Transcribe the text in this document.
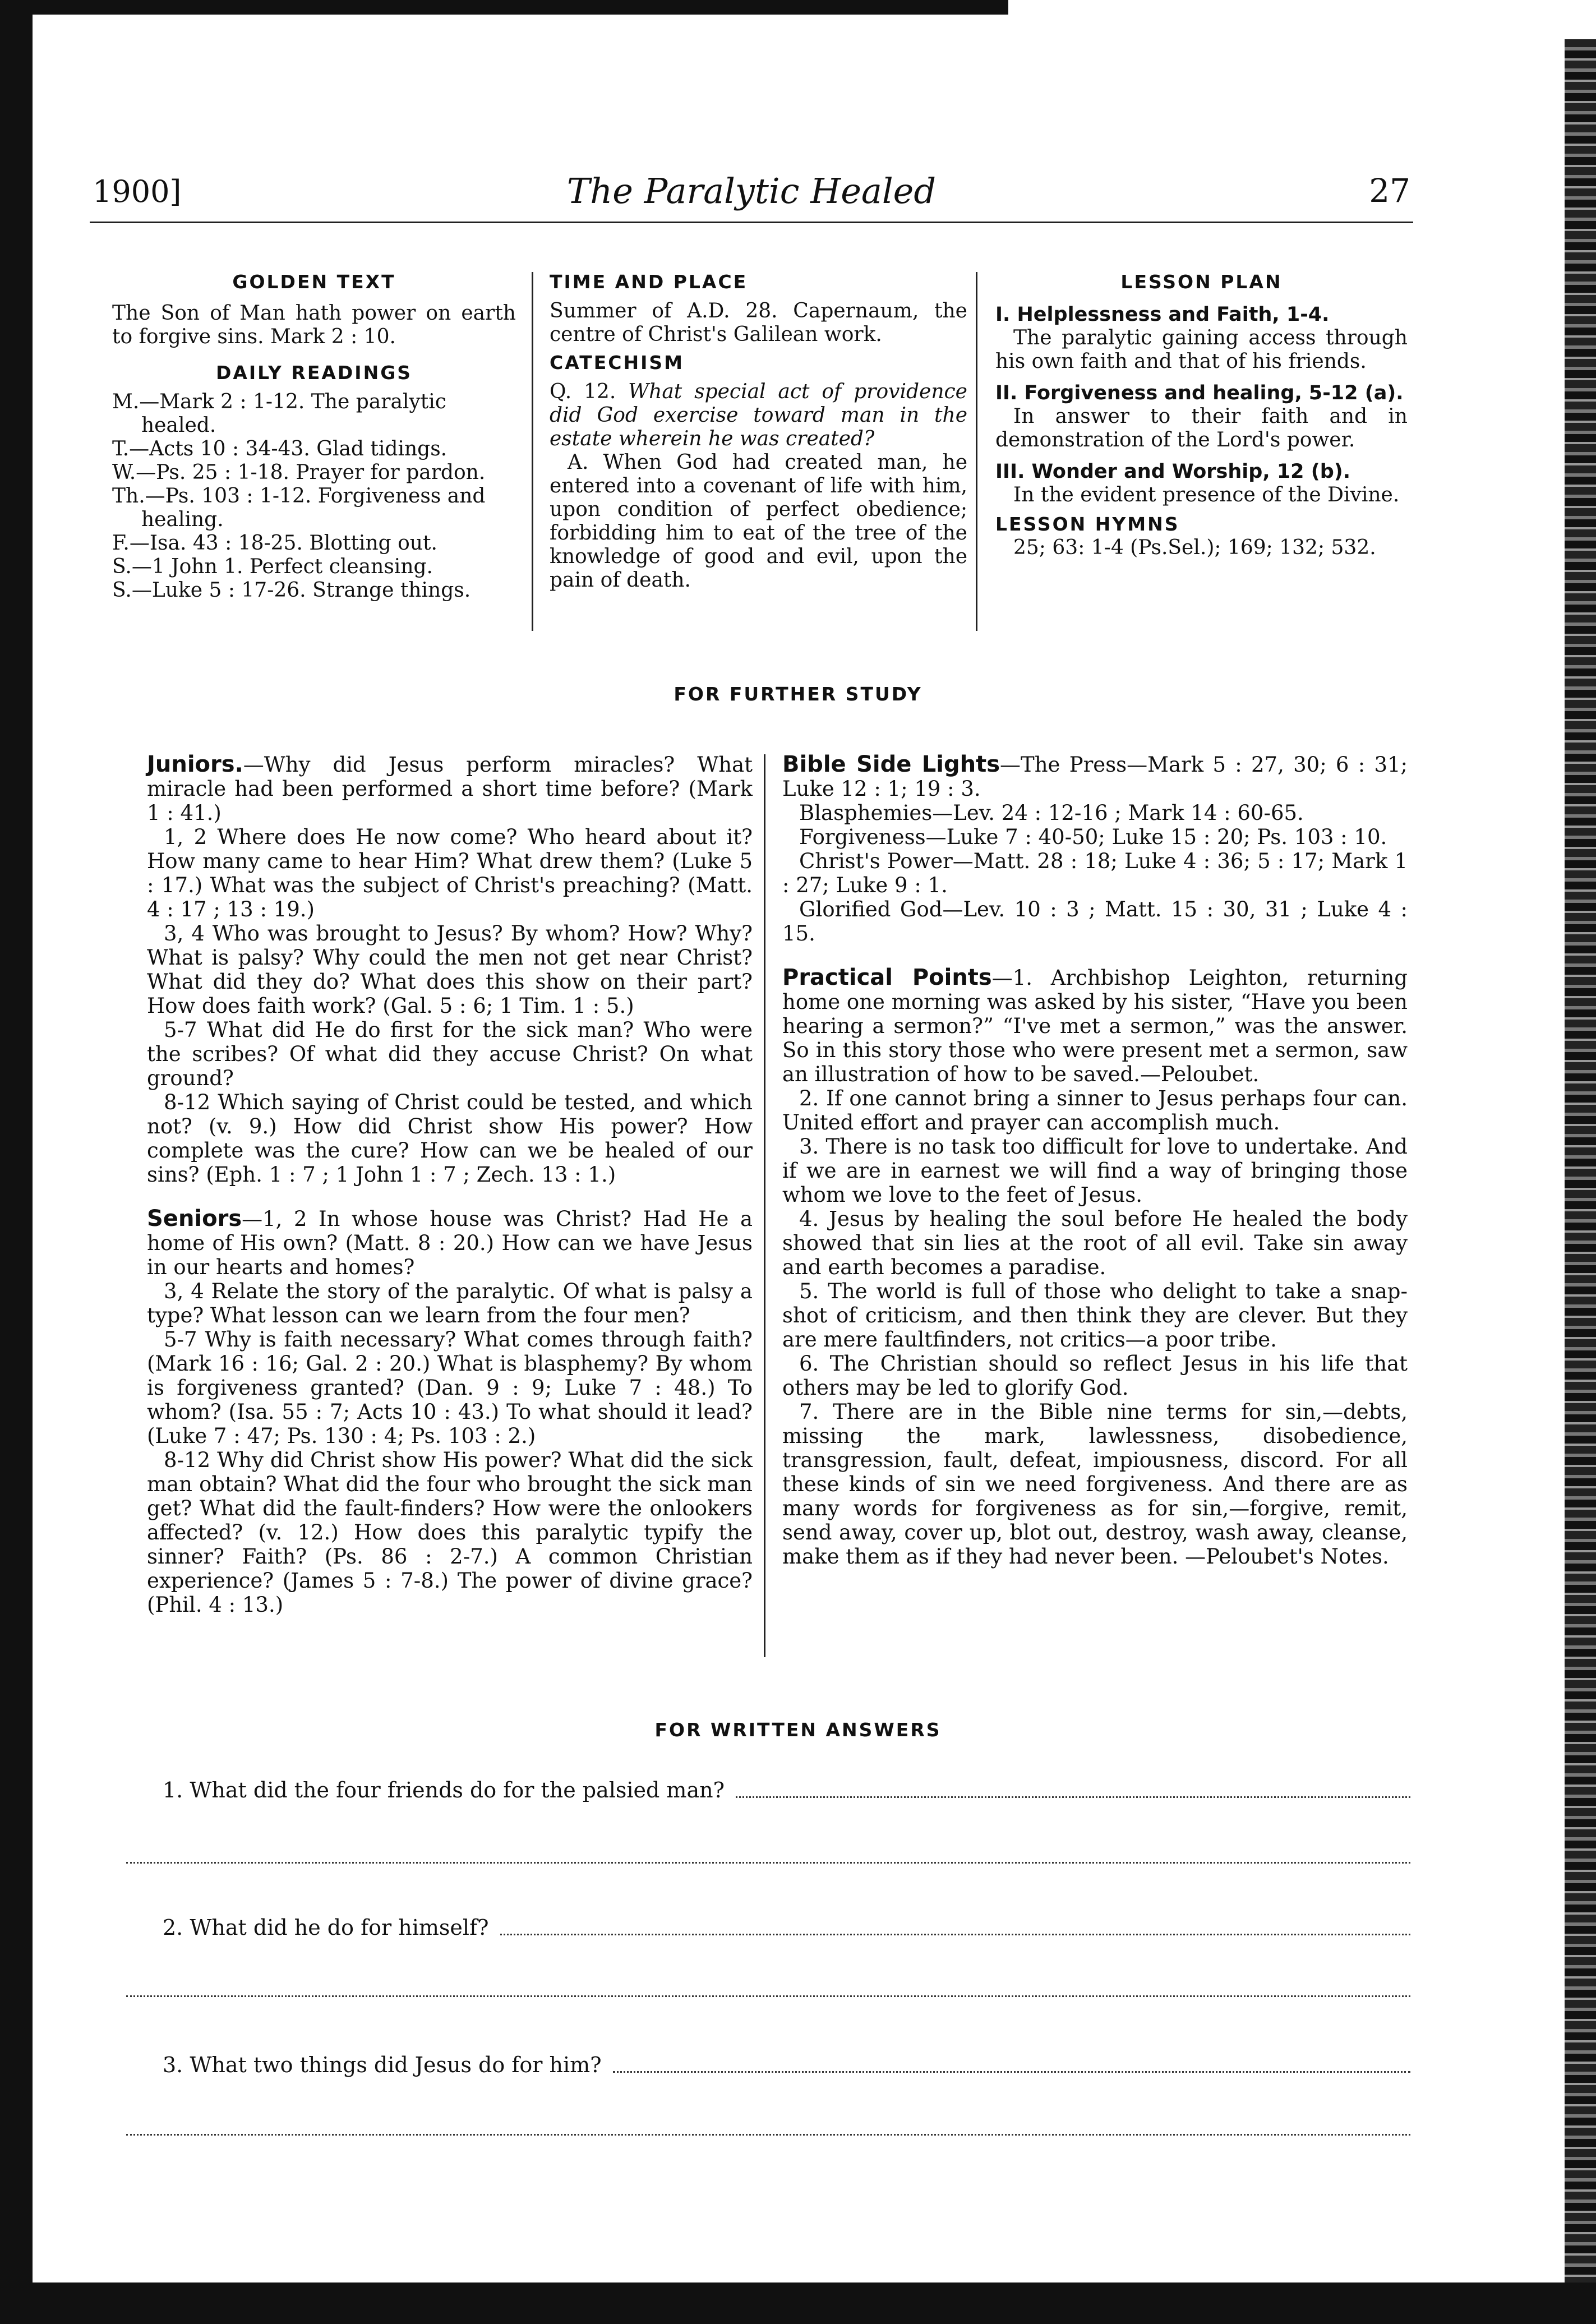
1900]	The Paralytic Healed	27
GOLDEN TEXT

The Son of Man hath power on earth to forgive sins. Mark 2 : 10.

DAILY READINGS

M.—Mark 2 : 1-12. The paralytic healed.

T.—Acts 10 : 34-43. Glad tidings.

W.—Ps. 25 : 1-18. Prayer for pardon.

Th.—Ps. 103 : 1-12. Forgiveness and healing.

F.—Isa. 43 : 18-25. Blotting out.

S.—1 John 1. Perfect cleansing.

S.—Luke 5 : 17-26. Strange things.

TIME AND PLACE

Summer of A.D. 28. Capernaum, the centre of Christ's Galilean work.

CATECHISM

Q. 12. What special act of providence did God exercise toward man in the estate wherein he was created?

A. When God had created man, he entered into a covenant of life with him, upon condition of perfect obedience; forbidding him to eat of the tree of the knowledge of good and evil, upon the pain of death.

LESSON PLAN
I. Helplessness and Faith, 1-4.

The paralytic gaining access through his own faith and that of his friends.

II. Forgiveness and healing, 5-12 (a).

In answer to their faith and in demonstration of the Lord's power.

III. Wonder and Worship, 12 (b).

In the evident presence of the Divine.

LESSON HYMNS

25; 63: 1-4 (Ps.Sel.); 169; 132; 532.

FOR FURTHER STUDY

Juniors.—Why did Jesus perform miracles? What miracle had been performed a short time before? (Mark 1 : 41.)

1, 2 Where does He now come? Who heard about it? How many came to hear Him? What drew them? (Luke 5 : 17.) What was the subject of Christ's preaching? (Matt. 4 : 17 ; 13 : 19.)

3, 4 Who was brought to Jesus? By whom? How? Why? What is palsy? Why could the men not get near Christ? What did they do? What does this show on their part? How does faith work? (Gal. 5 : 6; 1 Tim. 1 : 5.)

5-7 What did He do first for the sick man? Who were the scribes? Of what did they accuse Christ? On what ground?

8-12 Which saying of Christ could be tested, and which not? (v. 9.) How did Christ show His power? How complete was the cure? How can we be healed of our sins? (Eph. 1 : 7 ; 1 John 1 : 7 ; Zech. 13 : 1.)

Seniors—1, 2 In whose house was Christ? Had He a home of His own? (Matt. 8 : 20.) How can we have Jesus in our hearts and homes?

3, 4 Relate the story of the paralytic. Of what is palsy a type? What lesson can we learn from the four men?

5-7 Why is faith necessary? What comes through faith? (Mark 16 : 16; Gal. 2 : 20.) What is blasphemy? By whom is forgiveness granted? (Dan. 9 : 9; Luke 7 : 48.) To whom? (Isa. 55 : 7; Acts 10 : 43.) To what should it lead? (Luke 7 : 47; Ps. 130 : 4; Ps. 103 : 2.)

8-12 Why did Christ show His power? What did the sick man obtain? What did the four who brought the sick man get? What did the fault-finders? How were the onlookers affected? (v. 12.) How does this paralytic typify the sinner? Faith? (Ps. 86 : 2-7.) A common Christian experience? (James 5 : 7-8.) The power of divine grace? (Phil. 4 : 13.)

Bible Side Lights—The Press—Mark 5 : 27, 30; 6 : 31; Luke 12 : 1; 19 : 3.

Blasphemies—Lev. 24 : 12-16 ; Mark 14 : 60-65.

Forgiveness—Luke 7 : 40-50; Luke 15 : 20; Ps. 103 : 10.

Christ's Power—Matt. 28 : 18; Luke 4 : 36; 5 : 17; Mark 1 : 27; Luke 9 : 1.

Glorified God—Lev. 10 : 3 ; Matt. 15 : 30, 31 ; Luke 4 : 15.

Practical Points—1. Archbishop Leighton, returning home one morning was asked by his sister, “Have you been hearing a sermon?” “I've met a sermon,” was the answer. So in this story those who were present met a sermon, saw an illustration of how to be saved.—Peloubet.

2. If one cannot bring a sinner to Jesus perhaps four can. United effort and prayer can accomplish much.

3. There is no task too difficult for love to undertake. And if we are in earnest we will find a way of bringing those whom we love to the feet of Jesus.

4. Jesus by healing the soul before He healed the body showed that sin lies at the root of all evil. Take sin away and earth becomes a paradise.

5. The world is full of those who delight to take a snap-shot of criticism, and then think they are clever. But they are mere faultfinders, not critics—a poor tribe.

6. The Christian should so reflect Jesus in his life that others may be led to glorify God.

7. There are in the Bible nine terms for sin,—debts, missing the mark, lawlessness, disobedience, transgression, fault, defeat, impiousness, discord. For all these kinds of sin we need forgiveness. And there are as many words for forgiveness as for sin,—forgive, remit, send away, cover up, blot out, destroy, wash away, cleanse, make them as if they had never been. —Peloubet's Notes.

FOR WRITTEN ANSWERS
1. What did the four friends do for the palsied man?
2. What did he do for himself?
3. What two things did Jesus do for him?
